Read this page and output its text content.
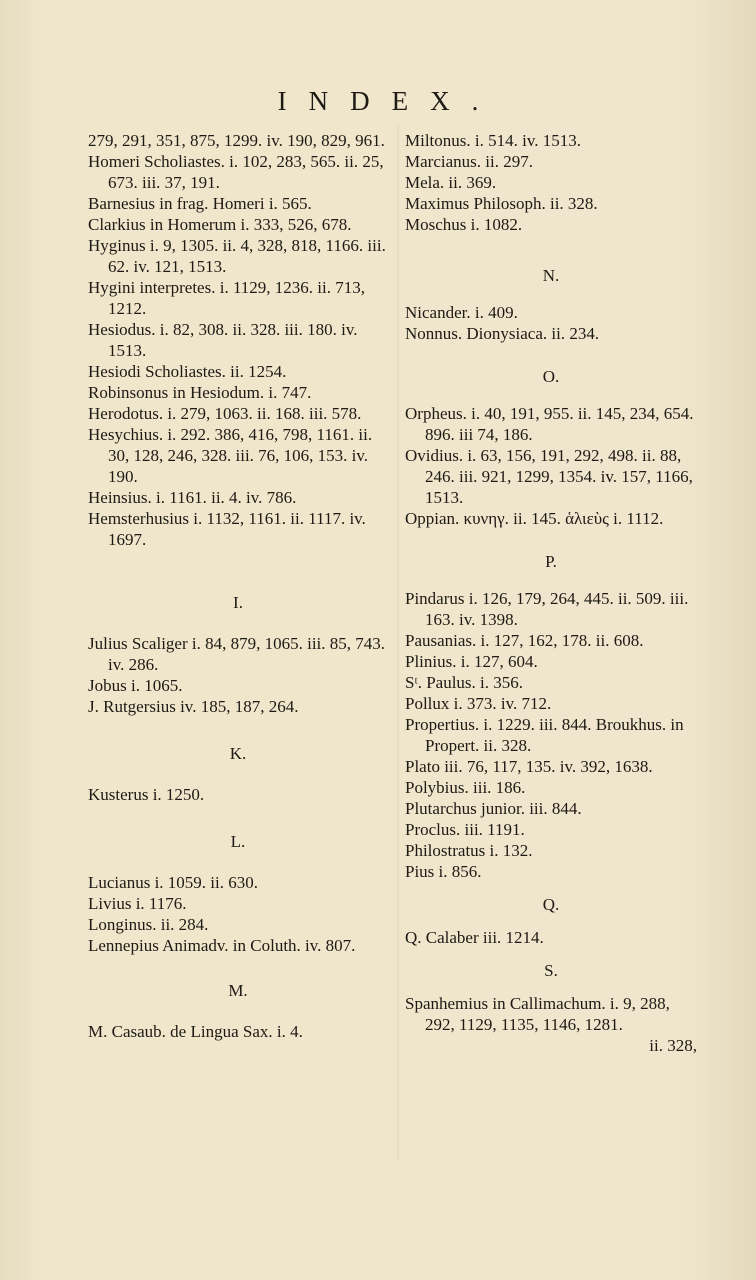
INDEX.
279, 291, 351, 875, 1299. iv. 190, 829, 961.
Homeri Scholiastes. i. 102, 283, 565. ii. 25, 673. iii. 37, 191.
Barnesius in frag. Homeri i. 565.
Clarkius in Homerum i. 333, 526, 678.
Hyginus i. 9, 1305. ii. 4, 328, 818, 1166. iii. 62. iv. 121, 1513.
Hygini interpretes. i. 1129, 1236. ii. 713, 1212.
Hesiodus. i. 82, 308. ii. 328. iii. 180. iv. 1513.
Hesiodi Scholiastes. ii. 1254.
Robinsonus in Hesiodum. i. 747.
Herodotus. i. 279, 1063. ii. 168. iii. 578.
Hesychius. i. 292. 386, 416, 798, 1161. ii. 30, 128, 246, 328. iii. 76, 106, 153. iv. 190.
Heinsius. i. 1161. ii. 4. iv. 786.
Hemsterhusius i. 1132, 1161. ii. 1117. iv. 1697.
I.
Julius Scaliger i. 84, 879, 1065. iii. 85, 743. iv. 286.
Jobus i. 1065.
J. Rutgersius iv. 185, 187, 264.
K.
Kusterus i. 1250.
L.
Lucianus i. 1059. ii. 630.
Livius i. 1176.
Longinus. ii. 284.
Lennepius Animadv. in Coluth. iv. 807.
M.
M. Casaub. de Lingua Sax. i. 4.
Miltonus. i. 514. iv. 1513.
Marcianus. ii. 297.
Mela. ii. 369.
Maximus Philosoph. ii. 328.
Moschus i. 1082.
N.
Nicander. i. 409.
Nonnus. Dionysiaca. ii. 234.
O.
Orpheus. i. 40, 191, 955. ii. 145, 234, 654. 896. iii 74, 186.
Ovidius. i. 63, 156, 191, 292, 498. ii. 88, 246. iii. 921, 1299, 1354. iv. 157, 1166, 1513.
Oppian. κυνηγ. ii. 145. ἁλιεὺς i. 1112.
P.
Pindarus i. 126, 179, 264, 445. ii. 509. iii. 163. iv. 1398.
Pausanias. i. 127, 162, 178. ii. 608.
Plinius. i. 127, 604.
Sᵗ. Paulus. i. 356.
Pollux i. 373. iv. 712.
Propertius. i. 1229. iii. 844. Broukhus. in Propert. ii. 328.
Plato iii. 76, 117, 135. iv. 392, 1638.
Polybius. iii. 186.
Plutarchus junior. iii. 844.
Proclus. iii. 1191.
Philostratus i. 132.
Pius i. 856.
Q.
Q. Calaber iii. 1214.
S.
Spanhemius in Callimachum. i. 9, 288, 292, 1129, 1135, 1146, 1281.
ii. 328,
